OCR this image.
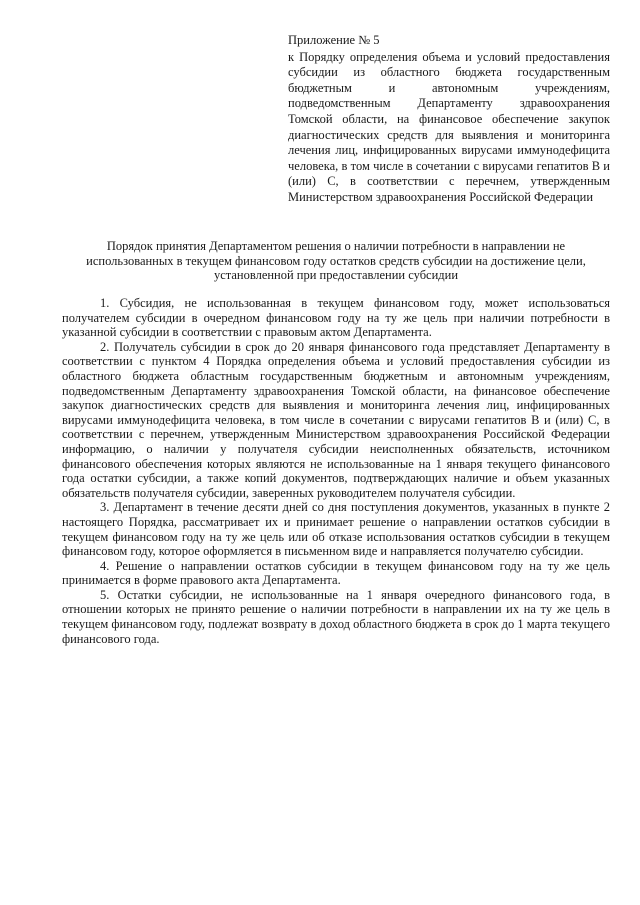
Приложение № 5

к Порядку определения объема и условий предоставления субсидии из областного бюджета государственным бюджетным и автономным учреждениям, подведомственным Департаменту здравоохранения Томской области, на финансовое обеспечение закупок диагностических средств для выявления и мониторинга лечения лиц, инфицированных вирусами иммунодефицита человека, в том числе в сочетании с вирусами гепатитов B и (или) C, в соответствии с перечнем, утвержденным Министерством здравоохранения Российской Федерации

Порядок принятия Департаментом решения о наличии потребности в направлении не использованных в текущем финансовом году остатков средств субсидии на достижение цели, установленной при предоставлении субсидии

1. Субсидия, не использованная в текущем финансовом году, может использоваться получателем субсидии в очередном финансовом году на ту же цель при наличии потребности в указанной субсидии в соответствии с правовым актом Департамента.

2. Получатель субсидии в срок до 20 января финансового года представляет Департаменту в соответствии с пунктом 4 Порядка определения объема и условий предоставления субсидии из областного бюджета областным государственным бюджетным и автономным учреждениям, подведомственным Департаменту здравоохранения Томской области, на финансовое обеспечение закупок диагностических средств для выявления и мониторинга лечения лиц, инфицированных вирусами иммунодефицита человека, в том числе в сочетании с вирусами гепатитов B и (или) C, в соответствии с перечнем, утвержденным Министерством здравоохранения Российской Федерации информацию, о наличии у получателя субсидии неисполненных обязательств, источником финансового обеспечения которых являются не использованные на 1 января текущего финансового года остатки субсидии, а также копий документов, подтверждающих наличие и объем указанных обязательств получателя субсидии, заверенных руководителем получателя субсидии.

3. Департамент в течение десяти дней со дня поступления документов, указанных в пункте 2 настоящего Порядка, рассматривает их и принимает решение о направлении остатков субсидии в текущем финансовом году на ту же цель или об отказе использования остатков субсидии в текущем финансовом году, которое оформляется в письменном виде и направляется получателю субсидии.

4. Решение о направлении остатков субсидии в текущем финансовом году на ту же цель принимается в форме правового акта Департамента.

5. Остатки субсидии, не использованные на 1 января очередного финансового года, в отношении которых не принято решение о наличии потребности в направлении их на ту же цель в текущем финансовом году, подлежат возврату в доход областного бюджета в срок до 1 марта текущего финансового года.
